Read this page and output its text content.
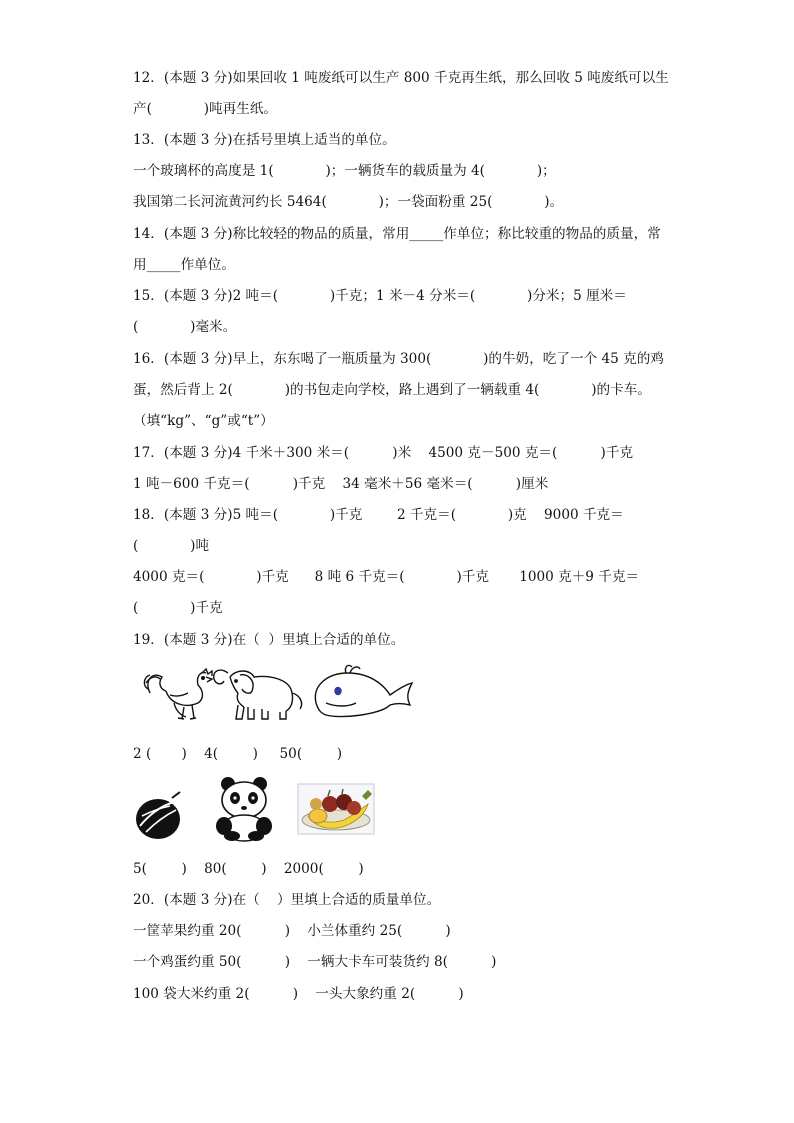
12．(本题 3 分)如果回收 1 吨废纸可以生产 800 千克再生纸，那么回收 5 吨废纸可以生
产(            )吨再生纸。
13．(本题 3 分)在括号里填上适当的单位。
一个玻璃杯的高度是 1(            )；一辆货车的载质量为 4(            )；
我国第二长河流黄河约长 5464(            )；一袋面粉重 25(            )。
14．(本题 3 分)称比较轻的物品的质量，常用_____作单位；称比较重的物品的质量，常
用_____作单位。
15．(本题 3 分)2 吨＝(            )千克；1 米－4 分米＝(            )分米；5 厘米＝
(            )毫米。
16．(本题 3 分)早上，东东喝了一瓶质量为 300(            )的牛奶，吃了一个 45 克的鸡
蛋，然后背上 2(            )的书包走向学校，路上遇到了一辆载重 4(            )的卡车。
（填“kg”、“g”或“t”）
17．(本题 3 分)4 千米＋300 米＝(          )米    4500 克－500 克＝(          )千克
1 吨－600 千克＝(          )千克    34 毫米＋56 毫米＝(          )厘米
18．(本题 3 分)5 吨＝(            )千克        2 千克＝(            )克    9000 千克＝
(            )吨
4000 克＝(            )千克      8 吨 6 千克＝(            )千克       1000 克＋9 千克＝
(            )千克
19．(本题 3 分)在（  ）里填上合适的单位。
2 (       )    4(        )     50(        )
5(        )    80(        )    2000(        )
20．(本题 3 分)在（    ）里填上合适的质量单位。
一筐苹果约重 20(          )    小兰体重约 25(          )
一个鸡蛋约重 50(          )    一辆大卡车可装货约 8(          )
100 袋大米约重 2(          )    一头大象约重 2(          )
